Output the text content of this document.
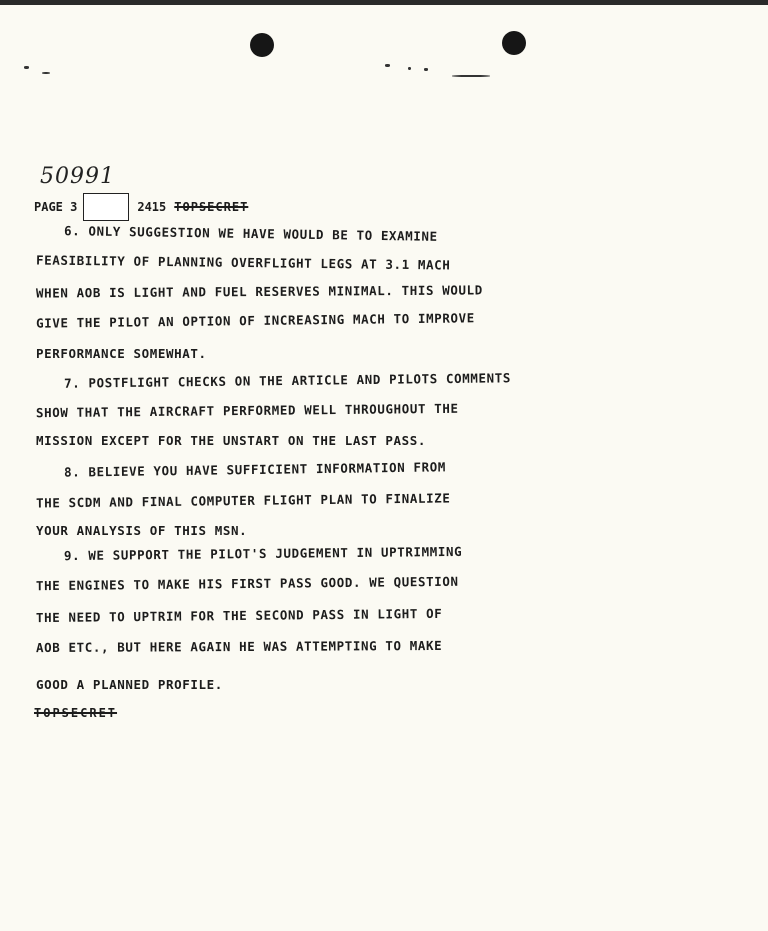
50991
PAGE 3	2415 TOPSECRET
6. ONLY SUGGESTION WE HAVE WOULD BE TO EXAMINE
FEASIBILITY OF PLANNING OVERFLIGHT LEGS AT 3.1 MACH
WHEN AOB IS LIGHT AND FUEL RESERVES MINIMAL. THIS WOULD
GIVE THE PILOT AN OPTION OF INCREASING MACH TO IMPROVE
PERFORMANCE SOMEWHAT.
7. POSTFLIGHT CHECKS ON THE ARTICLE AND PILOTS COMMENTS
SHOW THAT THE AIRCRAFT PERFORMED WELL THROUGHOUT THE
MISSION EXCEPT FOR THE UNSTART ON THE LAST PASS.
8. BELIEVE YOU HAVE SUFFICIENT INFORMATION FROM
THE SCDM AND FINAL COMPUTER FLIGHT PLAN TO FINALIZE
YOUR ANALYSIS OF THIS MSN.
9. WE SUPPORT THE PILOT'S JUDGEMENT IN UPTRIMMING
THE ENGINES TO MAKE HIS FIRST PASS GOOD. WE QUESTION
THE NEED TO UPTRIM FOR THE SECOND PASS IN LIGHT OF
AOB ETC., BUT HERE AGAIN HE WAS ATTEMPTING TO MAKE
GOOD A PLANNED PROFILE.
TOPSECRET
